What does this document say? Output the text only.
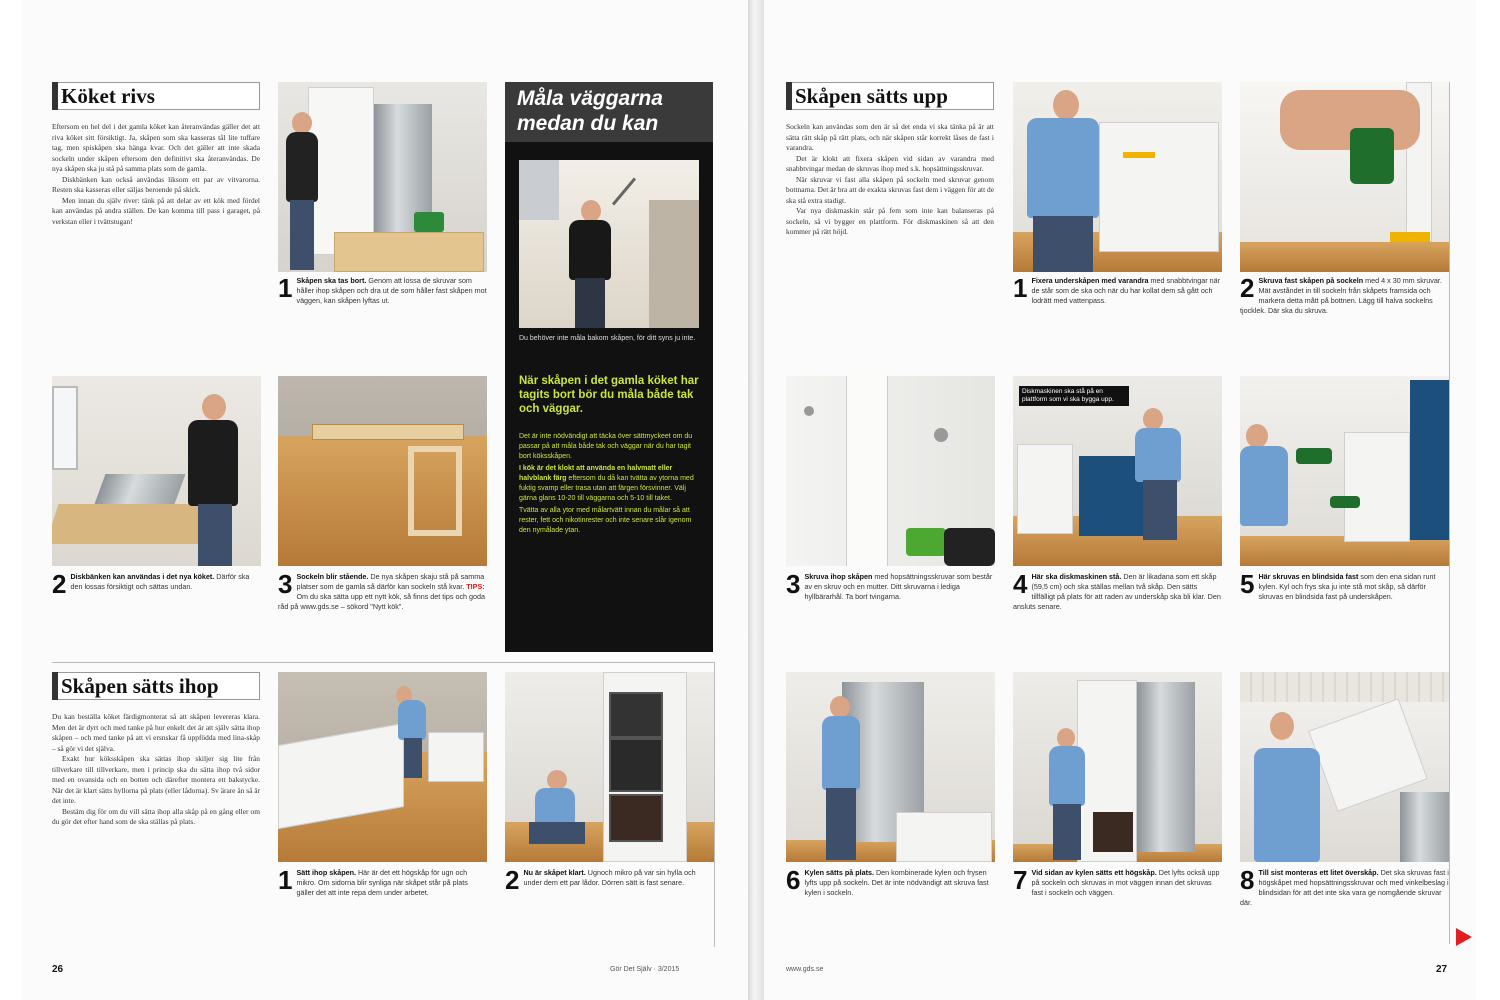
Köket rivs

Eftersom en hel del i det gamla köket kan återanvändas gäller det att riva köket sitt försiktigt. Ja, skåpen som ska kasseras tål lite tuffare tag, men spiskåpen ska hänga kvar. Och det gäller att inte skada sockeln under skåpen eftersom den definitivt ska återanvändas. De nya skåpen ska ju stå på samma plats som de gamla.

Diskbänken kan också användas liksom ett par av vitvarorna. Resten ska kasseras eller säljas beroende på skick.

Men innan du själv river: tänk på att delar av ett kök med fördel kan användas på andra ställen. De kan komma till pass i garaget, på verkstan eller i tvättstugan!

1 Skåpen ska tas bort. Genom att lossa de skruvar som håller ihop skåpen och dra ut de som håller fast skåpen mot väggen, kan skåpen lyftas ut.
2 Diskbänken kan användas i det nya köket. Därför ska den lossas försiktigt och sättas undan.	3 Sockeln blir stående. De nya skåpen skaju stå på samma platser som de gamla så därför kan sockeln stå kvar. TIPS: Om du ska sätta upp ett nytt kök, så finns det tips och goda råd på www.gds.se – sökord "Nytt kök".
Måla väggarna medan du kan
Du behöver inte måla bakom skåpen, för ditt syns ju inte.
När skåpen i det gamla köket har tagits bort bör du måla både tak och väggar.
Det är inte nödvändigt att täcka över sättmyckeet om du passar på att måla både tak och väggar när du har tagit bort köksskåpen.
I kök är det klokt att använda en halvmatt eller halvblank färg eftersom du då kan tvätta av ytorna med fuktig svamp eller trasa utan att färgen försvinner. Välj gärna glans 10-20 till väggarna och 5-10 till taket.
Tvätta av alla ytor med målartvätt innan du målar så att rester, fett och nikotinrester och inte senare slår igenom den nymålade ytan.
Skåpen sätts ihop

Du kan beställa köket färdigmonterat så att skåpen levereras klara. Men det är dyrt och med tanke på hur enkelt det är att själv sätta ihop skåpen – och med tanke på att vi ersnskar få uppfödda med lina-skåp – så gör vi det själva.

Exakt hur köksskåpen ska sättas ihop skiljer sig lite från tillverkare till tillverkare, men i princip ska du sätta ihop två sidor med en ovansida och en botten och därefter montera ett bakstycke. När det är klart sätts hyllorna på plats (eller lådorna). Sv ärare än så är det inte.

Bestäm dig för om du vill sätta ihop alla skåp på en gång eller om du gör det efter hand som de ska ställas på plats.

1 Sätt ihop skåpen. Här är det ett högskåp för ugn och mikro. Om sidorna blir synliga när skåpet står på plats gäller det att inte repa dem under arbetet.	2 Nu är skåpet klart. Ugnoch mikro på var sin hylla och under dem ett par lådor. Dörren sätt is fast senare.
26	Gör Det Själv · 3/2015
Skåpen sätts upp

Sockeln kan användas som den är så det enda vi ska tänka på är att sätta rätt skåp på rätt plats, och när skåpen står korrekt låses de fast i varandra.

Det är klokt att fixera skåpen vid sidan av varandra med snabbtvingar medan de skruvas ihop med s.k. hopsättningsskruvar.

När skruvar vi fast alla skåpen på sockeln med skruvar genom bottnarna. Det är bra att de exakta skruvas fast dem i väggen för att de ska stå extra stadigt.

Var nya diskmaskin står på fem som inte kan balanseras på sockeln, så vi bygger en plattform. För diskmaskinen så att den kommer på rätt höjd.

1 Fixera underskåpen med varandra med snabbtvingar när de står som de ska och när du har kollat dem så gått och lodrätt med vattenpass.	2 Skruva fast skåpen på sockeln med 4 x 30 mm skruvar. Mät avståndet in till sockeln från skåpets framsida och markera detta mått på bottnen. Lägg till halva sockelns tjocklek. Där ska du skruva.
3 Skruva ihop skåpen med hopsättningsskruvar som består av en skruv och en mutter. Ditt skruvarna i lediga hyllbärarhål. Ta bort tvingarna.
Diskmaskinen ska stå på en plattform som vi ska bygga upp.
4 Här ska diskmaskinen stå. Den är likadana som ett skåp (59,5 cm) och ska ställas mellan två skåp. Den sätts tillfälligt på plats för att raden av underskåp ska bli klar. Den ansluts senare.
5 Här skruvas en blindsida fast som den ena sidan runt kylen. Kyl och frys ska ju inte stå mot skåp, så därför skruvas en blindsida fast på underskåpen.
6 Kylen sätts på plats. Den kombinerade kylen och frysen lyfts upp på sockeln. Det är inte nödvändigt att skruva fast kylen i sockeln.	7 Vid sidan av kylen sätts ett högskåp. Det lyfts också upp på sockeln och skruvas in mot väggen innan det skruvas fast i sockeln och väggen.	8 Till sist monteras ett litet överskåp. Det ska skruvas fast i högskåpet med hopsättningsskruvar och med vinkelbeslag i blindsidan för att det inte ska vara ge nomgående skruvar där.
www.gds.se	27
